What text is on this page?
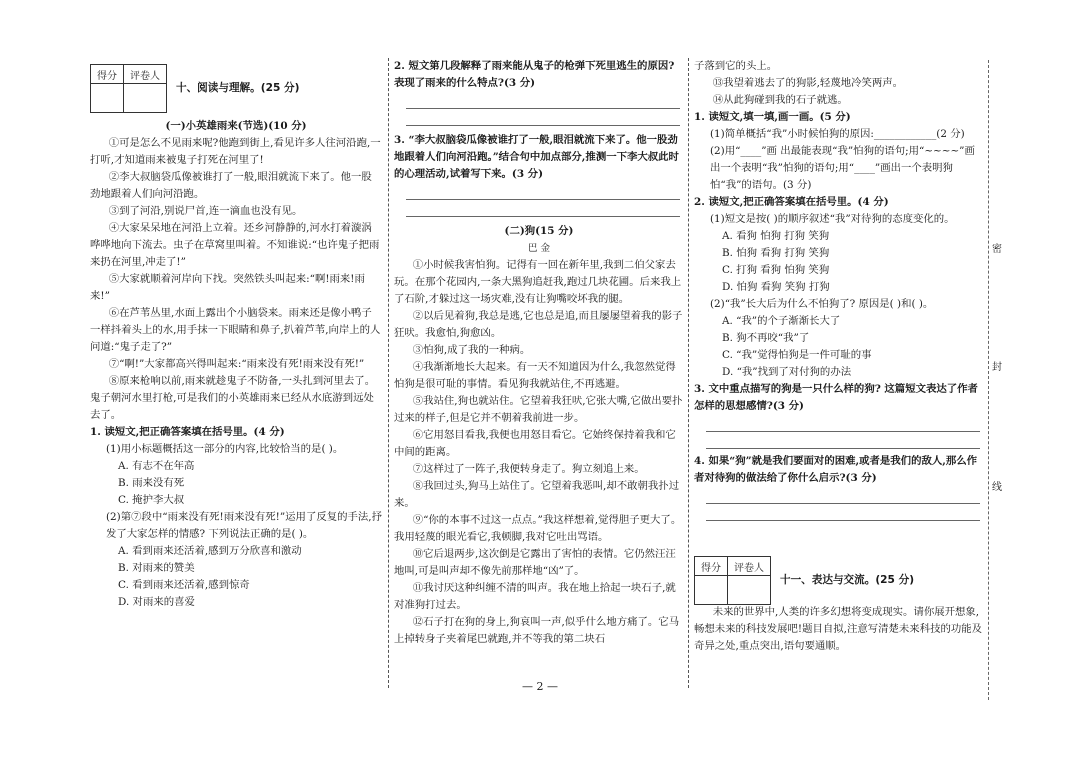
得分	评卷人

十、阅读与理解。(25 分)

(一)小英雄雨来(节选)(10 分)

①可是怎么不见雨来呢?他跑到街上,看见许多人往河沿跑,一打听,才知道雨来被鬼子打死在河里了!

②李大叔脑袋瓜像被谁打了一般,眼泪就流下来了。他一股劲地跟着人们向河沿跑。

③到了河沿,别说尸首,连一滴血也没有见。

④大家呆呆地在河沿上立着。还乡河静静的,河水打着漩涡哗哗地向下流去。虫子在草窝里叫着。不知谁说:“也许鬼子把雨来扔在河里,冲走了!”

⑤大家就顺着河岸向下找。突然铁头叫起来:“啊!雨来!雨来!”

⑥在芦苇丛里,水面上露出个小脑袋来。雨来还是像小鸭子一样抖着头上的水,用手抹一下眼睛和鼻子,扒着芦苇,向岸上的人问道:“鬼子走了?”

⑦“啊!”大家都高兴得叫起来:“雨来没有死!雨来没有死!”

⑧原来枪响以前,雨来就趁鬼子不防备,一头扎到河里去了。鬼子朝河水里打枪,可是我们的小英雄雨来已经从水底游到远处去了。

1. 读短文,把正确答案填在括号里。(4 分)

(1)用小标题概括这一部分的内容,比较恰当的是( )。

A. 有志不在年高

B. 雨来没有死

C. 掩护李大叔

(2)第⑦段中“雨来没有死!雨来没有死!”运用了反复的手法,抒发了大家怎样的情感? 下列说法正确的是( )。

A. 看到雨来还活着,感到万分欣喜和激动

B. 对雨来的赞美

C. 看到雨来还活着,感到惊奇

D. 对雨来的喜爱

2. 短文第几段解释了雨来能从鬼子的枪弹下死里逃生的原因? 表现了雨来的什么特点?(3 分)

3. “李大叔脑袋瓜像被谁打了一般,眼泪就流下来了。他一股劲地跟着人们向河沿跑。”结合句中加点部分,推测一下李大叔此时的心理活动,试着写下来。(3 分)

(二)狗(15 分)

巴 金

①小时候我害怕狗。记得有一回在新年里,我到二伯父家去玩。在那个花园内,一条大黑狗追赶我,跑过几块花圃。后来我上了石阶,才躲过这一场灾难,没有让狗嘴咬坏我的腿。

②以后见着狗,我总是逃,它也总是追,而且屡屡望着我的影子狂吠。我愈怕,狗愈凶。

③怕狗,成了我的一种病。

④我渐渐地长大起来。有一天不知道因为什么,我忽然觉得怕狗是很可耻的事情。看见狗我就站住,不再逃避。

⑤我站住,狗也就站住。它望着我狂吠,它张大嘴,它做出要扑过来的样子,但是它并不朝着我前进一步。

⑥它用怒目看我,我便也用怒目看它。它始终保持着我和它中间的距离。

⑦这样过了一阵子,我便转身走了。狗立刻追上来。

⑧我回过头,狗马上站住了。它望着我恶叫,却不敢朝我扑过来。

⑨“你的本事不过这一点点。”我这样想着,觉得胆子更大了。我用轻蔑的眼光看它,我顿脚,我对它吐出骂语。

⑩它后退两步,这次倒是它露出了害怕的表情。它仍然汪汪地叫,可是叫声却不像先前那样地“凶”了。

⑪我讨厌这种纠缠不清的叫声。我在地上拾起一块石子,就对准狗打过去。

⑫石子打在狗的身上,狗哀叫一声,似乎什么地方痛了。它马上掉转身子夹着尾巴就跑,并不等我的第二块石

子落到它的头上。

⑬我望着逃去了的狗影,轻蔑地冷笑两声。

⑭从此狗碰到我的石子就逃。

1. 读短文,填一填,画一画。(5 分)

(1)简单概括“我”小时候怕狗的原因:____________(2 分)

(2)用“____”画 出最能表现“我”怕狗的语句;用“~~~~”画出一个表明“我”怕狗的语句;用“____”画出一个表明狗怕“我”的语句。(3 分)

2. 读短文,把正确答案填在括号里。(4 分)

(1)短文是按( )的顺序叙述“我”对待狗的态度变化的。

A. 看狗 怕狗 打狗 笑狗

B. 怕狗 看狗 打狗 笑狗

C. 打狗 看狗 怕狗 笑狗

D. 怕狗 看狗 笑狗 打狗

(2)“我”长大后为什么不怕狗了? 原因是( )和( )。

A. “我”的个子渐渐长大了

B. 狗不再咬“我”了

C. “我”觉得怕狗是一件可耻的事

D. “我”找到了对付狗的办法

3. 文中重点描写的狗是一只什么样的狗? 这篇短文表达了作者怎样的思想感情?(3 分)

4. 如果“狗”就是我们要面对的困难,或者是我们的敌人,那么作者对待狗的做法给了你什么启示?(3 分)

得分	评卷人

十一、表达与交流。(25 分)

未来的世界中,人类的许多幻想将变成现实。请你展开想象,畅想未来的科技发展吧!题目自拟,注意写清楚未来科技的功能及奇异之处,重点突出,语句要通顺。

— 2 —
密
封
线
